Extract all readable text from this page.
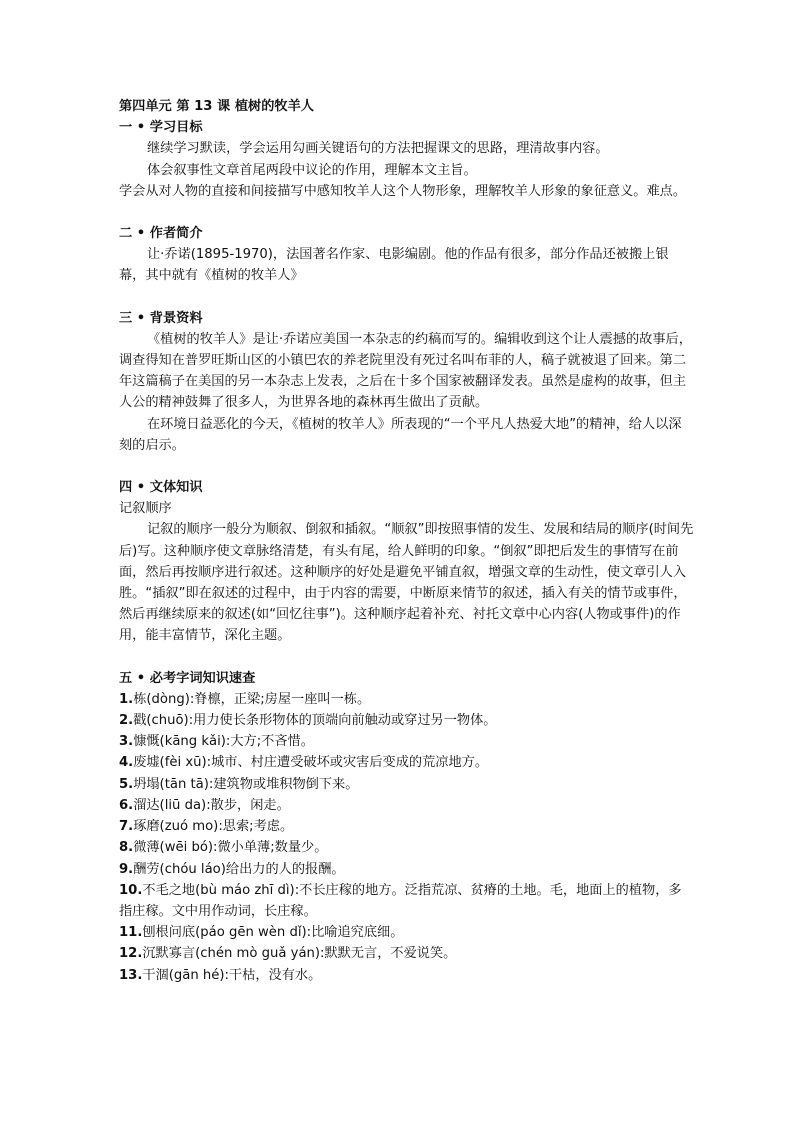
第四单元 第 13 课 植树的牧羊人
一 • 学习目标

继续学习默读，学会运用勾画关键语句的方法把握课文的思路，理清故事内容。

体会叙事性文章首尾两段中议论的作用，理解本文主旨。

学会从对人物的直接和间接描写中感知牧羊人这个人物形象，理解牧羊人形象的象征意义。难点。

二 • 作者简介

让·乔诺(1895-1970)，法国著名作家、电影编剧。他的作品有很多，部分作品还被搬上银幕，其中就有《植树的牧羊人》

三 • 背景资料

《植树的牧羊人》是让·乔诺应美国一本杂志的约稿而写的。编辑收到这个让人震撼的故事后，调查得知在普罗旺斯山区的小镇巴农的养老院里没有死过名叫布菲的人，稿子就被退了回来。第二年这篇稿子在美国的另一本杂志上发表，之后在十多个国家被翻译发表。虽然是虚构的故事，但主人公的精神鼓舞了很多人，为世界各地的森林再生做出了贡献。

在环境日益恶化的今天，《植树的牧羊人》所表现的“一个平凡人热爱大地”的精神，给人以深刻的启示。

四 • 文体知识
记叙顺序

记叙的顺序一般分为顺叙、倒叙和插叙。“顺叙”即按照事情的发生、发展和结局的顺序(时间先后)写。这种顺序使文章脉络清楚，有头有尾，给人鲜明的印象。“倒叙”即把后发生的事情写在前面，然后再按顺序进行叙述。这种顺序的好处是避免平铺直叙，增强文章的生动性，使文章引人入胜。“插叙”即在叙述的过程中，由于内容的需要，中断原来情节的叙述，插入有关的情节或事件，然后再继续原来的叙述(如“回忆往事”)。这种顺序起着补充、衬托文章中心内容(人物或事件)的作用，能丰富情节，深化主题。

五 • 必考字词知识速查

1.栋(dòng):脊檩，正梁;房屋一座叫一栋。

2.戳(chuō):用力使长条形物体的顶端向前触动或穿过另一物体。

3.慷慨(kāng kǎi):大方;不吝惜。

4.废墟(fèi xū):城市、村庄遭受破坏或灾害后变成的荒凉地方。

5.坍塌(tān tā):建筑物或堆积物倒下来。

6.溜达(liū da):散步，闲走。

7.琢磨(zuó mo):思索;考虑。

8.微薄(wēi bó):微小单薄;数量少。

9.酬劳(chóu láo)给出力的人的报酬。

10.不毛之地(bù máo zhī dì):不长庄稼的地方。泛指荒凉、贫瘠的土地。毛，地面上的植物，多指庄稼。文中用作动词，长庄稼。

11.刨根问底(páo gēn wèn dǐ):比喻追究底细。

12.沉默寡言(chén mò guǎ yán):默默无言，不爱说笑。

13.干涸(gān hé):干枯，没有水。
